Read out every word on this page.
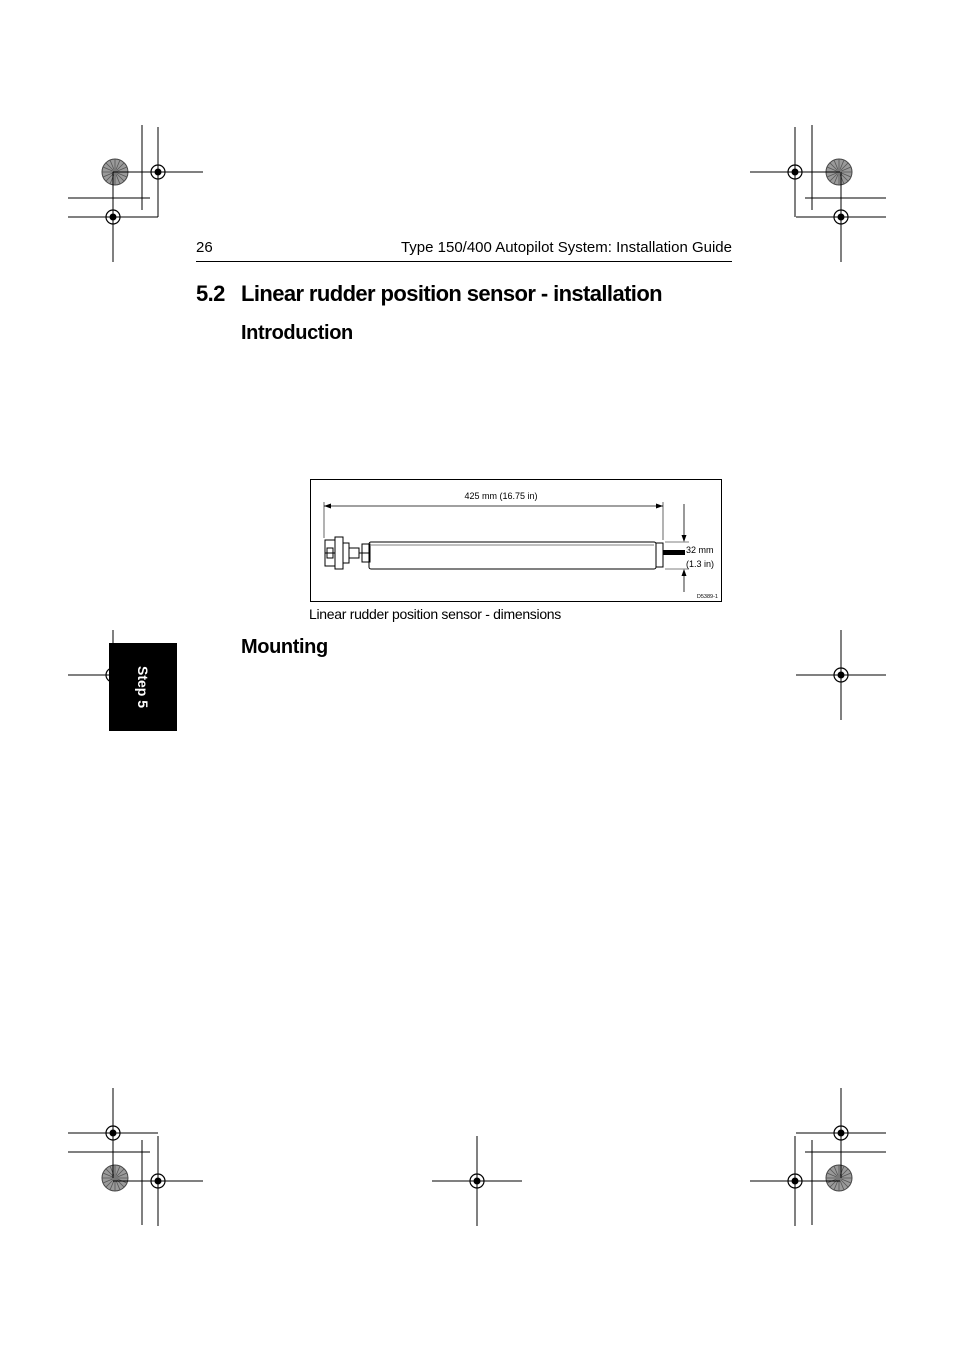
26	Type 150/400 Autopilot System: Installation Guide
5.2 Linear rudder position sensor - installation
Introduction
425 mm (16.75 in)
32 mm
(1.3 in)
D5389-1
Linear rudder position sensor - dimensions
Mounting
Step 5
